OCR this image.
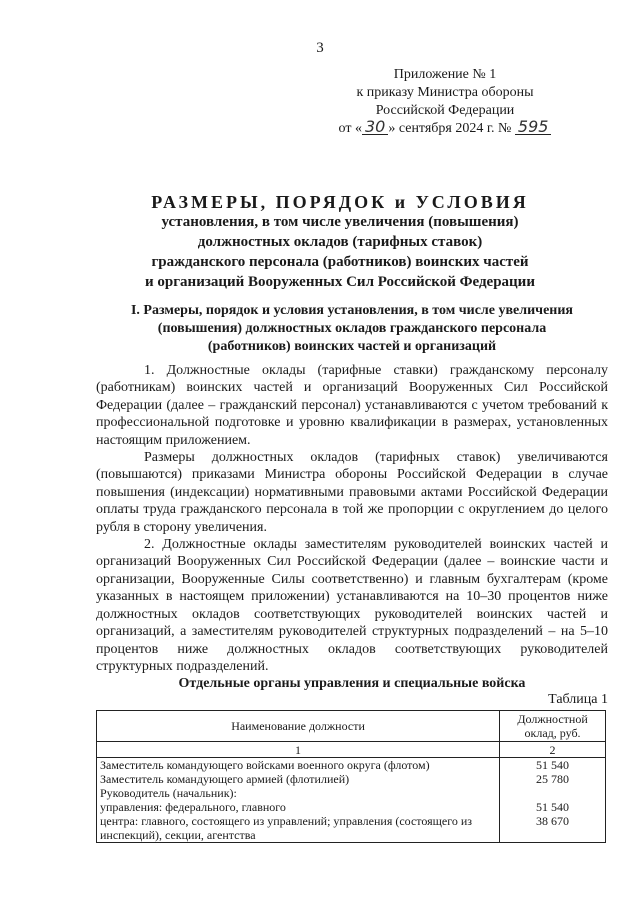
3
Приложение № 1
к приказу Министра обороны
Российской Федерации
от « 30 » сентября 2024 г. № 595
РАЗМЕРЫ, ПОРЯДОК и УСЛОВИЯ
установления, в том числе увеличения (повышения)
должностных окладов (тарифных ставок)
гражданского персонала (работников) воинских частей
и организаций Вооруженных Сил Российской Федерации
I. Размеры, порядок и условия установления, в том числе увеличения
(повышения) должностных окладов гражданского персонала
(работников) воинских частей и организаций

1. Должностные оклады (тарифные ставки) гражданскому персоналу (работникам) воинских частей и организаций Вооруженных Сил Российской Федерации (далее – гражданский персонал) устанавливаются с учетом требований к профессиональной подготовке и уровню квалификации в размерах, установленных настоящим приложением.

Размеры должностных окладов (тарифных ставок) увеличиваются (повышаются) приказами Министра обороны Российской Федерации в случае повышения (индексации) нормативными правовыми актами Российской Федерации оплаты труда гражданского персонала в той же пропорции с округлением до целого рубля в сторону увеличения.

2. Должностные оклады заместителям руководителей воинских частей и организаций Вооруженных Сил Российской Федерации (далее – воинские части и организации, Вооруженные Силы соответственно) и главным бухгалтерам (кроме указанных в настоящем приложении) устанавливаются на 10–30 процентов ниже должностных окладов соответствующих руководителей воинских частей и организаций, а заместителям руководителей структурных подразделений – на 5–10 процентов ниже должностных окладов соответствующих руководителей структурных подразделений.

Отдельные органы управления и специальные войска
Таблица 1
Наименование должности	Должностной оклад, руб.
1	2
Заместитель командующего войсками военного округа (флотом)	51 540
Заместитель командующего армией (флотилией)	25 780
Руководитель (начальник):	
управления: федерального, главного	51 540
центра: главного, состоящего из управлений; управления (состоящего из инспекций), секции, агентства	38 670
